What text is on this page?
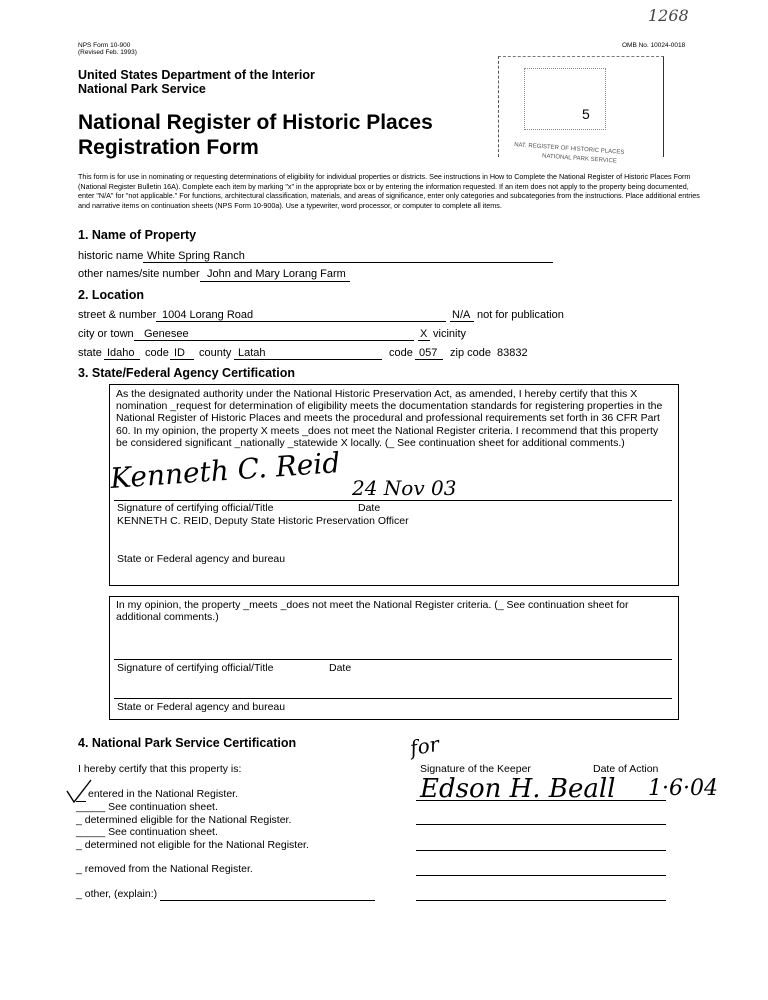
1268
NPS Form 10-900
(Revised Feb. 1993)
OMB No. 10024-0018
United States Department of the Interior
National Park Service
National Register of Historic Places
Registration Form
5
NAT. REGISTER OF HISTORIC PLACES
NATIONAL PARK SERVICE
This form is for use in nominating or requesting determinations of eligibility for individual properties or districts. See instructions in How to Complete the National Register of Historic Places Form (National Register Bulletin 16A). Complete each item by marking "x" in the appropriate box or by entering the information requested. If an item does not apply to the property being documented, enter "N/A" for "not applicable." For functions, architectural classification, materials, and areas of significance, enter only categories and subcategories from the instructions. Place additional entries and narrative items on continuation sheets (NPS Form 10-900a). Use a typewriter, word processor, or computer to complete all items.
1. Name of Property
historic name White Spring Ranch
other names/site number John and Mary Lorang Farm
2. Location
street & number 1004 Lorang Road	N/A not for publication
city or town Genesee	X vicinity
state Idaho code ID county Latah	code 057 zip code 83832
3. State/Federal Agency Certification
As the designated authority under the National Historic Preservation Act, as amended, I hereby certify that this X nomination _request for determination of eligibility meets the documentation standards for registering properties in the National Register of Historic Places and meets the procedural and professional requirements set forth in 36 CFR Part 60. In my opinion, the property X meets _does not meet the National Register criteria. I recommend that this property be considered significant _nationally _statewide X locally. (_ See continuation sheet for additional comments.)
Kenneth C. Reid 24 Nov 03
Signature of certifying official/Title	Date
KENNETH C. REID, Deputy State Historic Preservation Officer
State or Federal agency and bureau
In my opinion, the property _meets _does not meet the National Register criteria. (_ See continuation sheet for additional comments.)
Signature of certifying official/Title	Date
State or Federal agency and bureau
4. National Park Service Certification
I hereby certify that this property is:	Signature of the Keeper	Date of Action
for
Edson H. Beall 1·6·04
entered in the National Register.
_____ See continuation sheet.
_ determined eligible for the National Register.
_____ See continuation sheet.
_ determined not eligible for the National Register.
_ removed from the National Register.
_ other, (explain:)
